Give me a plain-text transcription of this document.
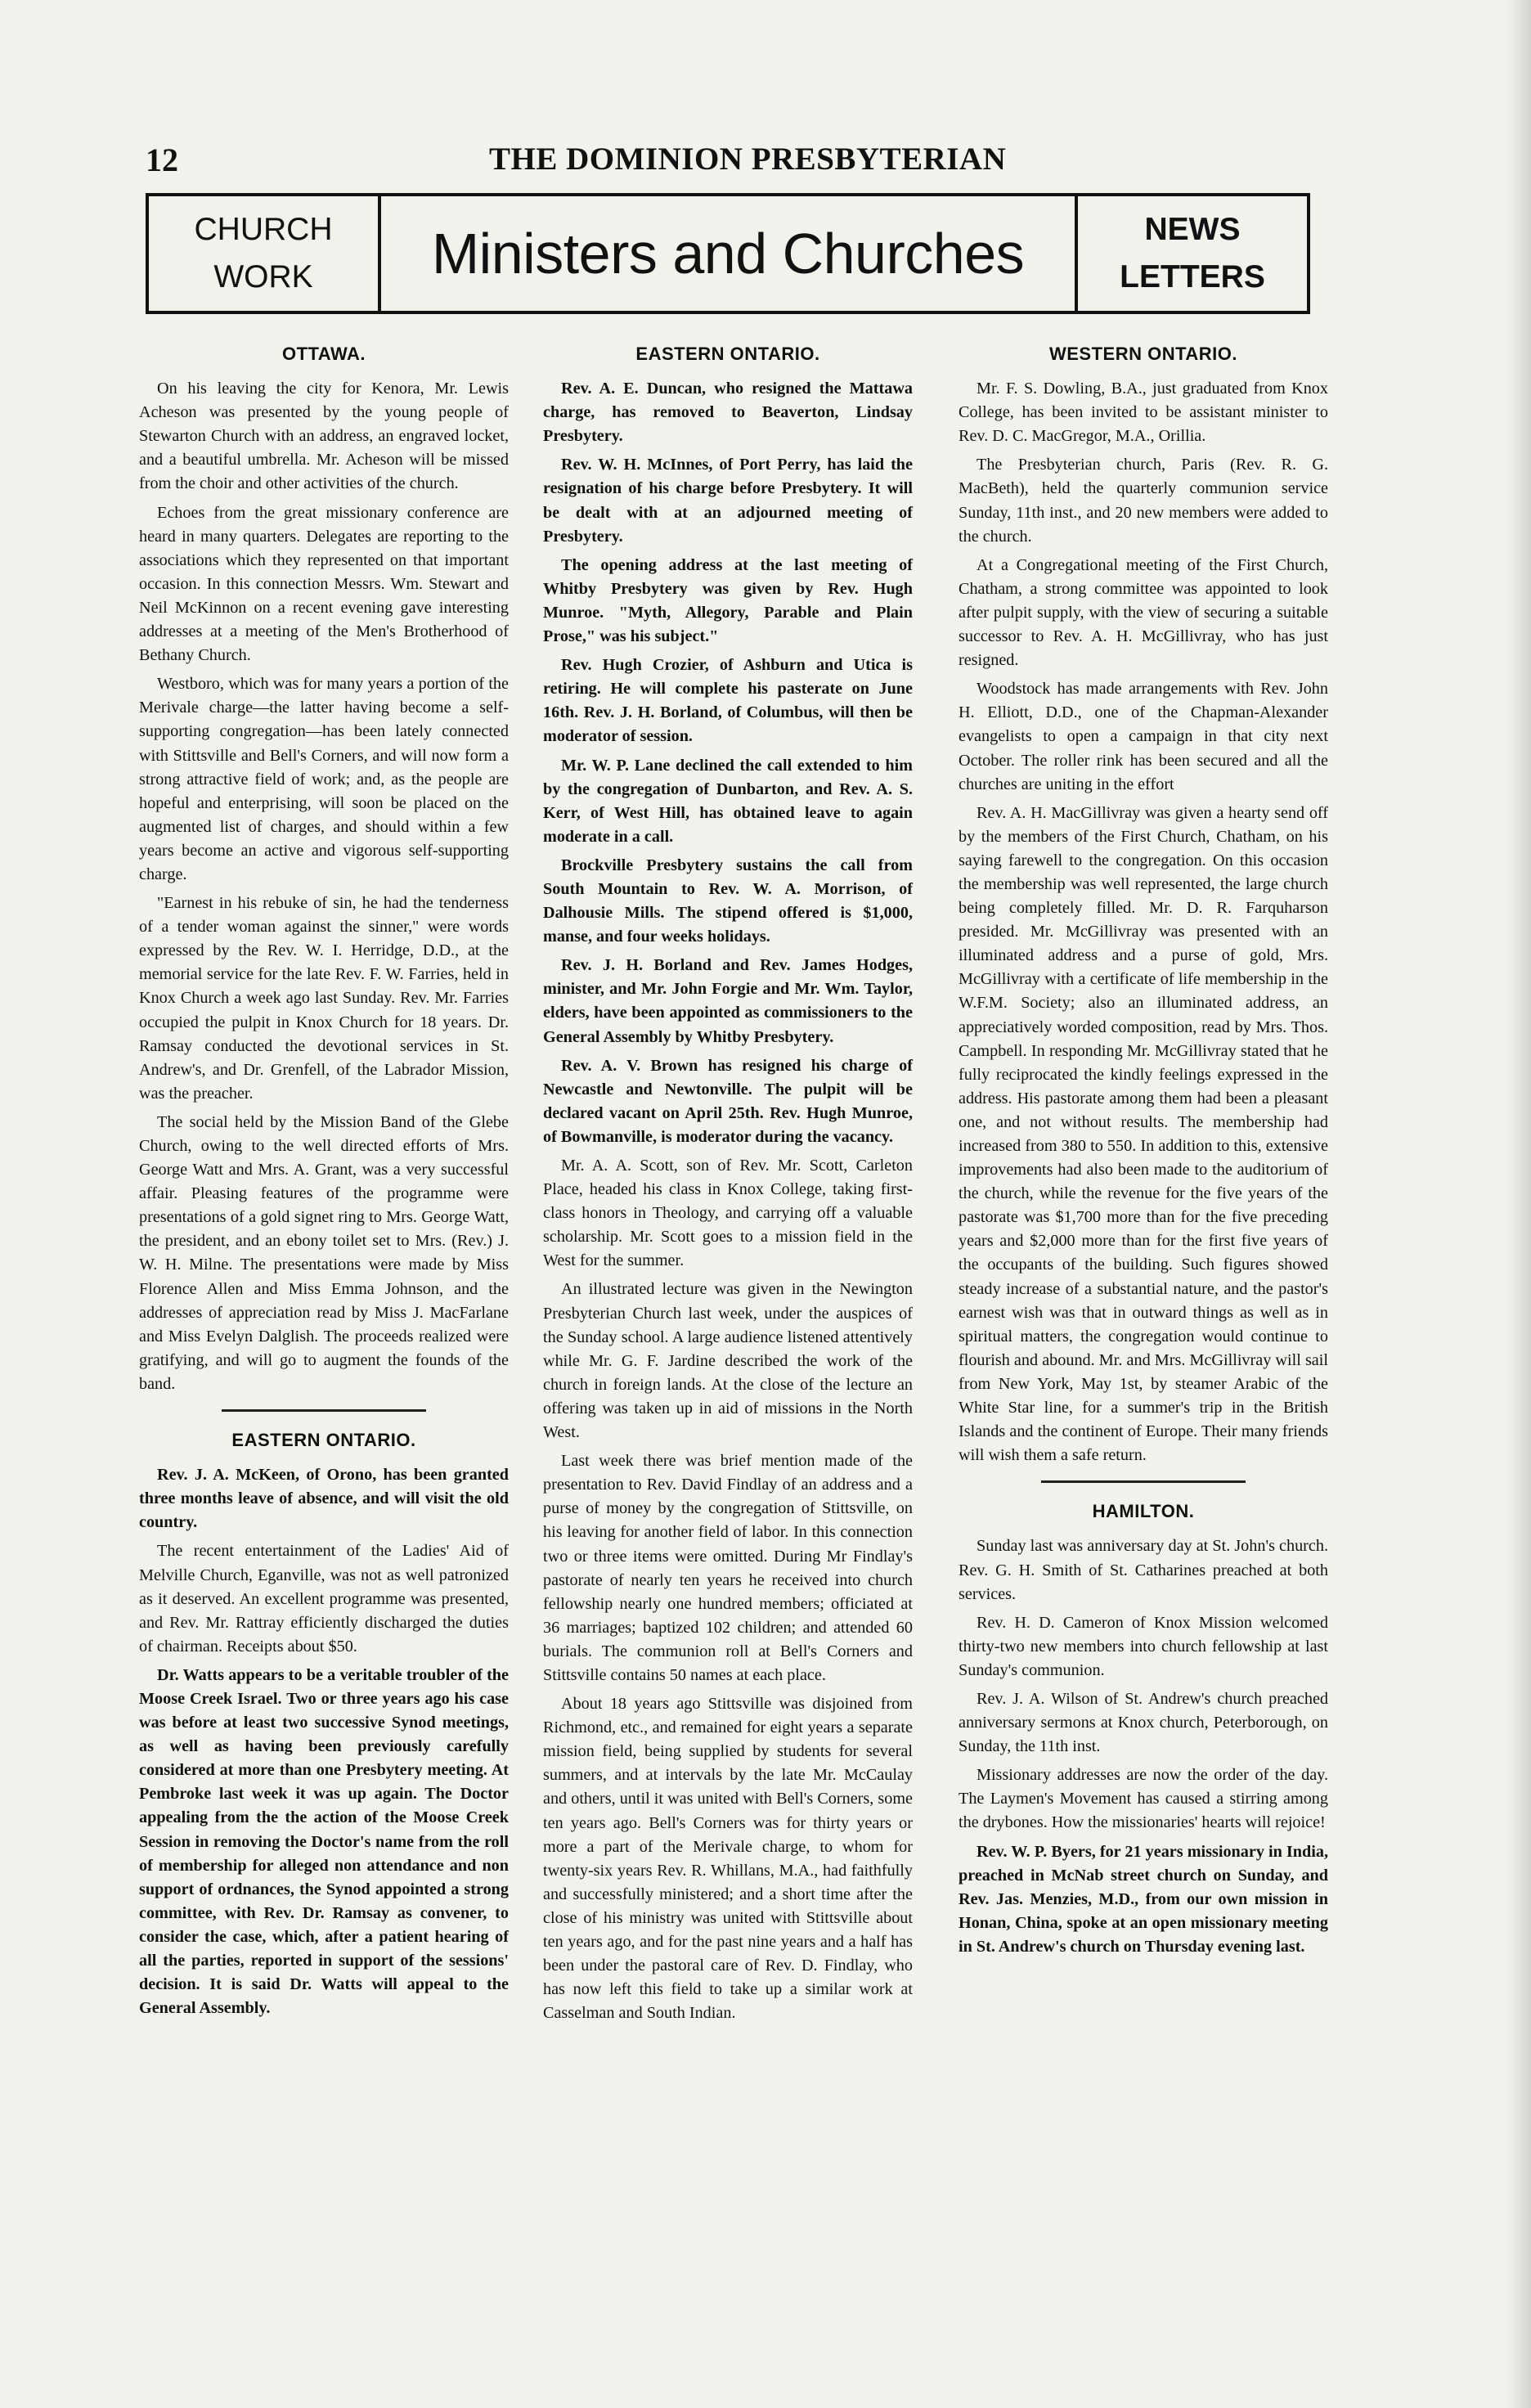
12	THE DOMINION PRESBYTERIAN
CHURCH
WORK	Ministers and Churches	NEWS
LETTERS
OTTAWA.

On his leaving the city for Kenora, Mr. Lewis Acheson was presented by the young people of Stewarton Church with an address, an engraved locket, and a beautiful umbrella. Mr. Acheson will be missed from the choir and other activities of the church.

Echoes from the great missionary conference are heard in many quarters. Delegates are reporting to the associations which they represented on that important occasion. In this connection Messrs. Wm. Stewart and Neil McKinnon on a recent evening gave interesting addresses at a meeting of the Men's Brotherhood of Bethany Church.

Westboro, which was for many years a portion of the Merivale charge—the latter having become a self-supporting congregation—has been lately connected with Stittsville and Bell's Corners, and will now form a strong attractive field of work; and, as the people are hopeful and enterprising, will soon be placed on the augmented list of charges, and should within a few years become an active and vigorous self-supporting charge.

"Earnest in his rebuke of sin, he had the tenderness of a tender woman against the sinner," were words expressed by the Rev. W. I. Herridge, D.D., at the memorial service for the late Rev. F. W. Farries, held in Knox Church a week ago last Sunday. Rev. Mr. Farries occupied the pulpit in Knox Church for 18 years. Dr. Ramsay conducted the devotional services in St. Andrew's, and Dr. Grenfell, of the Labrador Mission, was the preacher.

The social held by the Mission Band of the Glebe Church, owing to the well directed efforts of Mrs. George Watt and Mrs. A. Grant, was a very successful affair. Pleasing features of the programme were presentations of a gold signet ring to Mrs. George Watt, the president, and an ebony toilet set to Mrs. (Rev.) J. W. H. Milne. The presentations were made by Miss Florence Allen and Miss Emma Johnson, and the addresses of appreciation read by Miss J. MacFarlane and Miss Evelyn Dalglish. The proceeds realized were gratifying, and will go to augment the founds of the band.

EASTERN ONTARIO.

Rev. J. A. McKeen, of Orono, has been granted three months leave of absence, and will visit the old country.

The recent entertainment of the Ladies' Aid of Melville Church, Eganville, was not as well patronized as it deserved. An excellent programme was presented, and Rev. Mr. Rattray efficiently discharged the duties of chairman. Receipts about $50.

Dr. Watts appears to be a veritable troubler of the Moose Creek Israel. Two or three years ago his case was before at least two successive Synod meetings, as well as having been previously carefully considered at more than one Presbytery meeting. At Pembroke last week it was up again. The Doctor appealing from the the action of the Moose Creek Session in removing the Doctor's name from the roll of membership for alleged non attendance and non support of ordnances, the Synod appointed a strong committee, with Rev. Dr. Ramsay as convener, to consider the case, which, after a patient hearing of all the parties, reported in support of the sessions' decision. It is said Dr. Watts will appeal to the General Assembly.

EASTERN ONTARIO.

Rev. A. E. Duncan, who resigned the Mattawa charge, has removed to Beaverton, Lindsay Presbytery.

Rev. W. H. McInnes, of Port Perry, has laid the resignation of his charge before Presbytery. It will be dealt with at an adjourned meeting of Presbytery.

The opening address at the last meeting of Whitby Presbytery was given by Rev. Hugh Munroe. "Myth, Allegory, Parable and Plain Prose," was his subject."

Rev. Hugh Crozier, of Ashburn and Utica is retiring. He will complete his pasterate on June 16th. Rev. J. H. Borland, of Columbus, will then be moderator of session.

Mr. W. P. Lane declined the call extended to him by the congregation of Dunbarton, and Rev. A. S. Kerr, of West Hill, has obtained leave to again moderate in a call.

Brockville Presbytery sustains the call from South Mountain to Rev. W. A. Morrison, of Dalhousie Mills. The stipend offered is $1,000, manse, and four weeks holidays.

Rev. J. H. Borland and Rev. James Hodges, minister, and Mr. John Forgie and Mr. Wm. Taylor, elders, have been appointed as commissioners to the General Assembly by Whitby Presbytery.

Rev. A. V. Brown has resigned his charge of Newcastle and Newtonville. The pulpit will be declared vacant on April 25th. Rev. Hugh Munroe, of Bowmanville, is moderator during the vacancy.

Mr. A. A. Scott, son of Rev. Mr. Scott, Carleton Place, headed his class in Knox College, taking first-class honors in Theology, and carrying off a valuable scholarship. Mr. Scott goes to a mission field in the West for the summer.

An illustrated lecture was given in the Newington Presbyterian Church last week, under the auspices of the Sunday school. A large audience listened attentively while Mr. G. F. Jardine described the work of the church in foreign lands. At the close of the lecture an offering was taken up in aid of missions in the North West.

Last week there was brief mention made of the presentation to Rev. David Findlay of an address and a purse of money by the congregation of Stittsville, on his leaving for another field of labor. In this connection two or three items were omitted. During Mr Findlay's pastorate of nearly ten years he received into church fellowship nearly one hundred members; officiated at 36 marriages; baptized 102 children; and attended 60 burials. The communion roll at Bell's Corners and Stittsville contains 50 names at each place.

About 18 years ago Stittsville was disjoined from Richmond, etc., and remained for eight years a separate mission field, being supplied by students for several summers, and at intervals by the late Mr. McCaulay and others, until it was united with Bell's Corners, some ten years ago. Bell's Corners was for thirty years or more a part of the Merivale charge, to whom for twenty-six years Rev. R. Whillans, M.A., had faithfully and successfully ministered; and a short time after the close of his ministry was united with Stittsville about ten years ago, and for the past nine years and a half has been under the pastoral care of Rev. D. Findlay, who has now left this field to take up a similar work at Casselman and South Indian.

WESTERN ONTARIO.

Mr. F. S. Dowling, B.A., just graduated from Knox College, has been invited to be assistant minister to Rev. D. C. MacGregor, M.A., Orillia.

The Presbyterian church, Paris (Rev. R. G. MacBeth), held the quarterly communion service Sunday, 11th inst., and 20 new members were added to the church.

At a Congregational meeting of the First Church, Chatham, a strong committee was appointed to look after pulpit supply, with the view of securing a suitable successor to Rev. A. H. McGillivray, who has just resigned.

Woodstock has made arrangements with Rev. John H. Elliott, D.D., one of the Chapman-Alexander evangelists to open a campaign in that city next October. The roller rink has been secured and all the churches are uniting in the effort

Rev. A. H. MacGillivray was given a hearty send off by the members of the First Church, Chatham, on his saying farewell to the congregation. On this occasion the membership was well represented, the large church being completely filled. Mr. D. R. Farquharson presided. Mr. McGillivray was presented with an illuminated address and a purse of gold, Mrs. McGillivray with a certificate of life membership in the W.F.M. Society; also an illuminated address, an appreciatively worded composition, read by Mrs. Thos. Campbell. In responding Mr. McGillivray stated that he fully reciprocated the kindly feelings expressed in the address. His pastorate among them had been a pleasant one, and not without results. The membership had increased from 380 to 550. In addition to this, extensive improvements had also been made to the auditorium of the church, while the revenue for the five years of the pastorate was $1,700 more than for the five preceding years and $2,000 more than for the first five years of the occupants of the building. Such figures showed steady increase of a substantial nature, and the pastor's earnest wish was that in outward things as well as in spiritual matters, the congregation would continue to flourish and abound. Mr. and Mrs. McGillivray will sail from New York, May 1st, by steamer Arabic of the White Star line, for a summer's trip in the British Islands and the continent of Europe. Their many friends will wish them a safe return.

HAMILTON.

Sunday last was anniversary day at St. John's church. Rev. G. H. Smith of St. Catharines preached at both services.

Rev. H. D. Cameron of Knox Mission welcomed thirty-two new members into church fellowship at last Sunday's communion.

Rev. J. A. Wilson of St. Andrew's church preached anniversary sermons at Knox church, Peterborough, on Sunday, the 11th inst.

Missionary addresses are now the order of the day. The Laymen's Movement has caused a stirring among the drybones. How the missionaries' hearts will rejoice!

Rev. W. P. Byers, for 21 years missionary in India, preached in McNab street church on Sunday, and Rev. Jas. Menzies, M.D., from our own mission in Honan, China, spoke at an open missionary meeting in St. Andrew's church on Thursday evening last.
